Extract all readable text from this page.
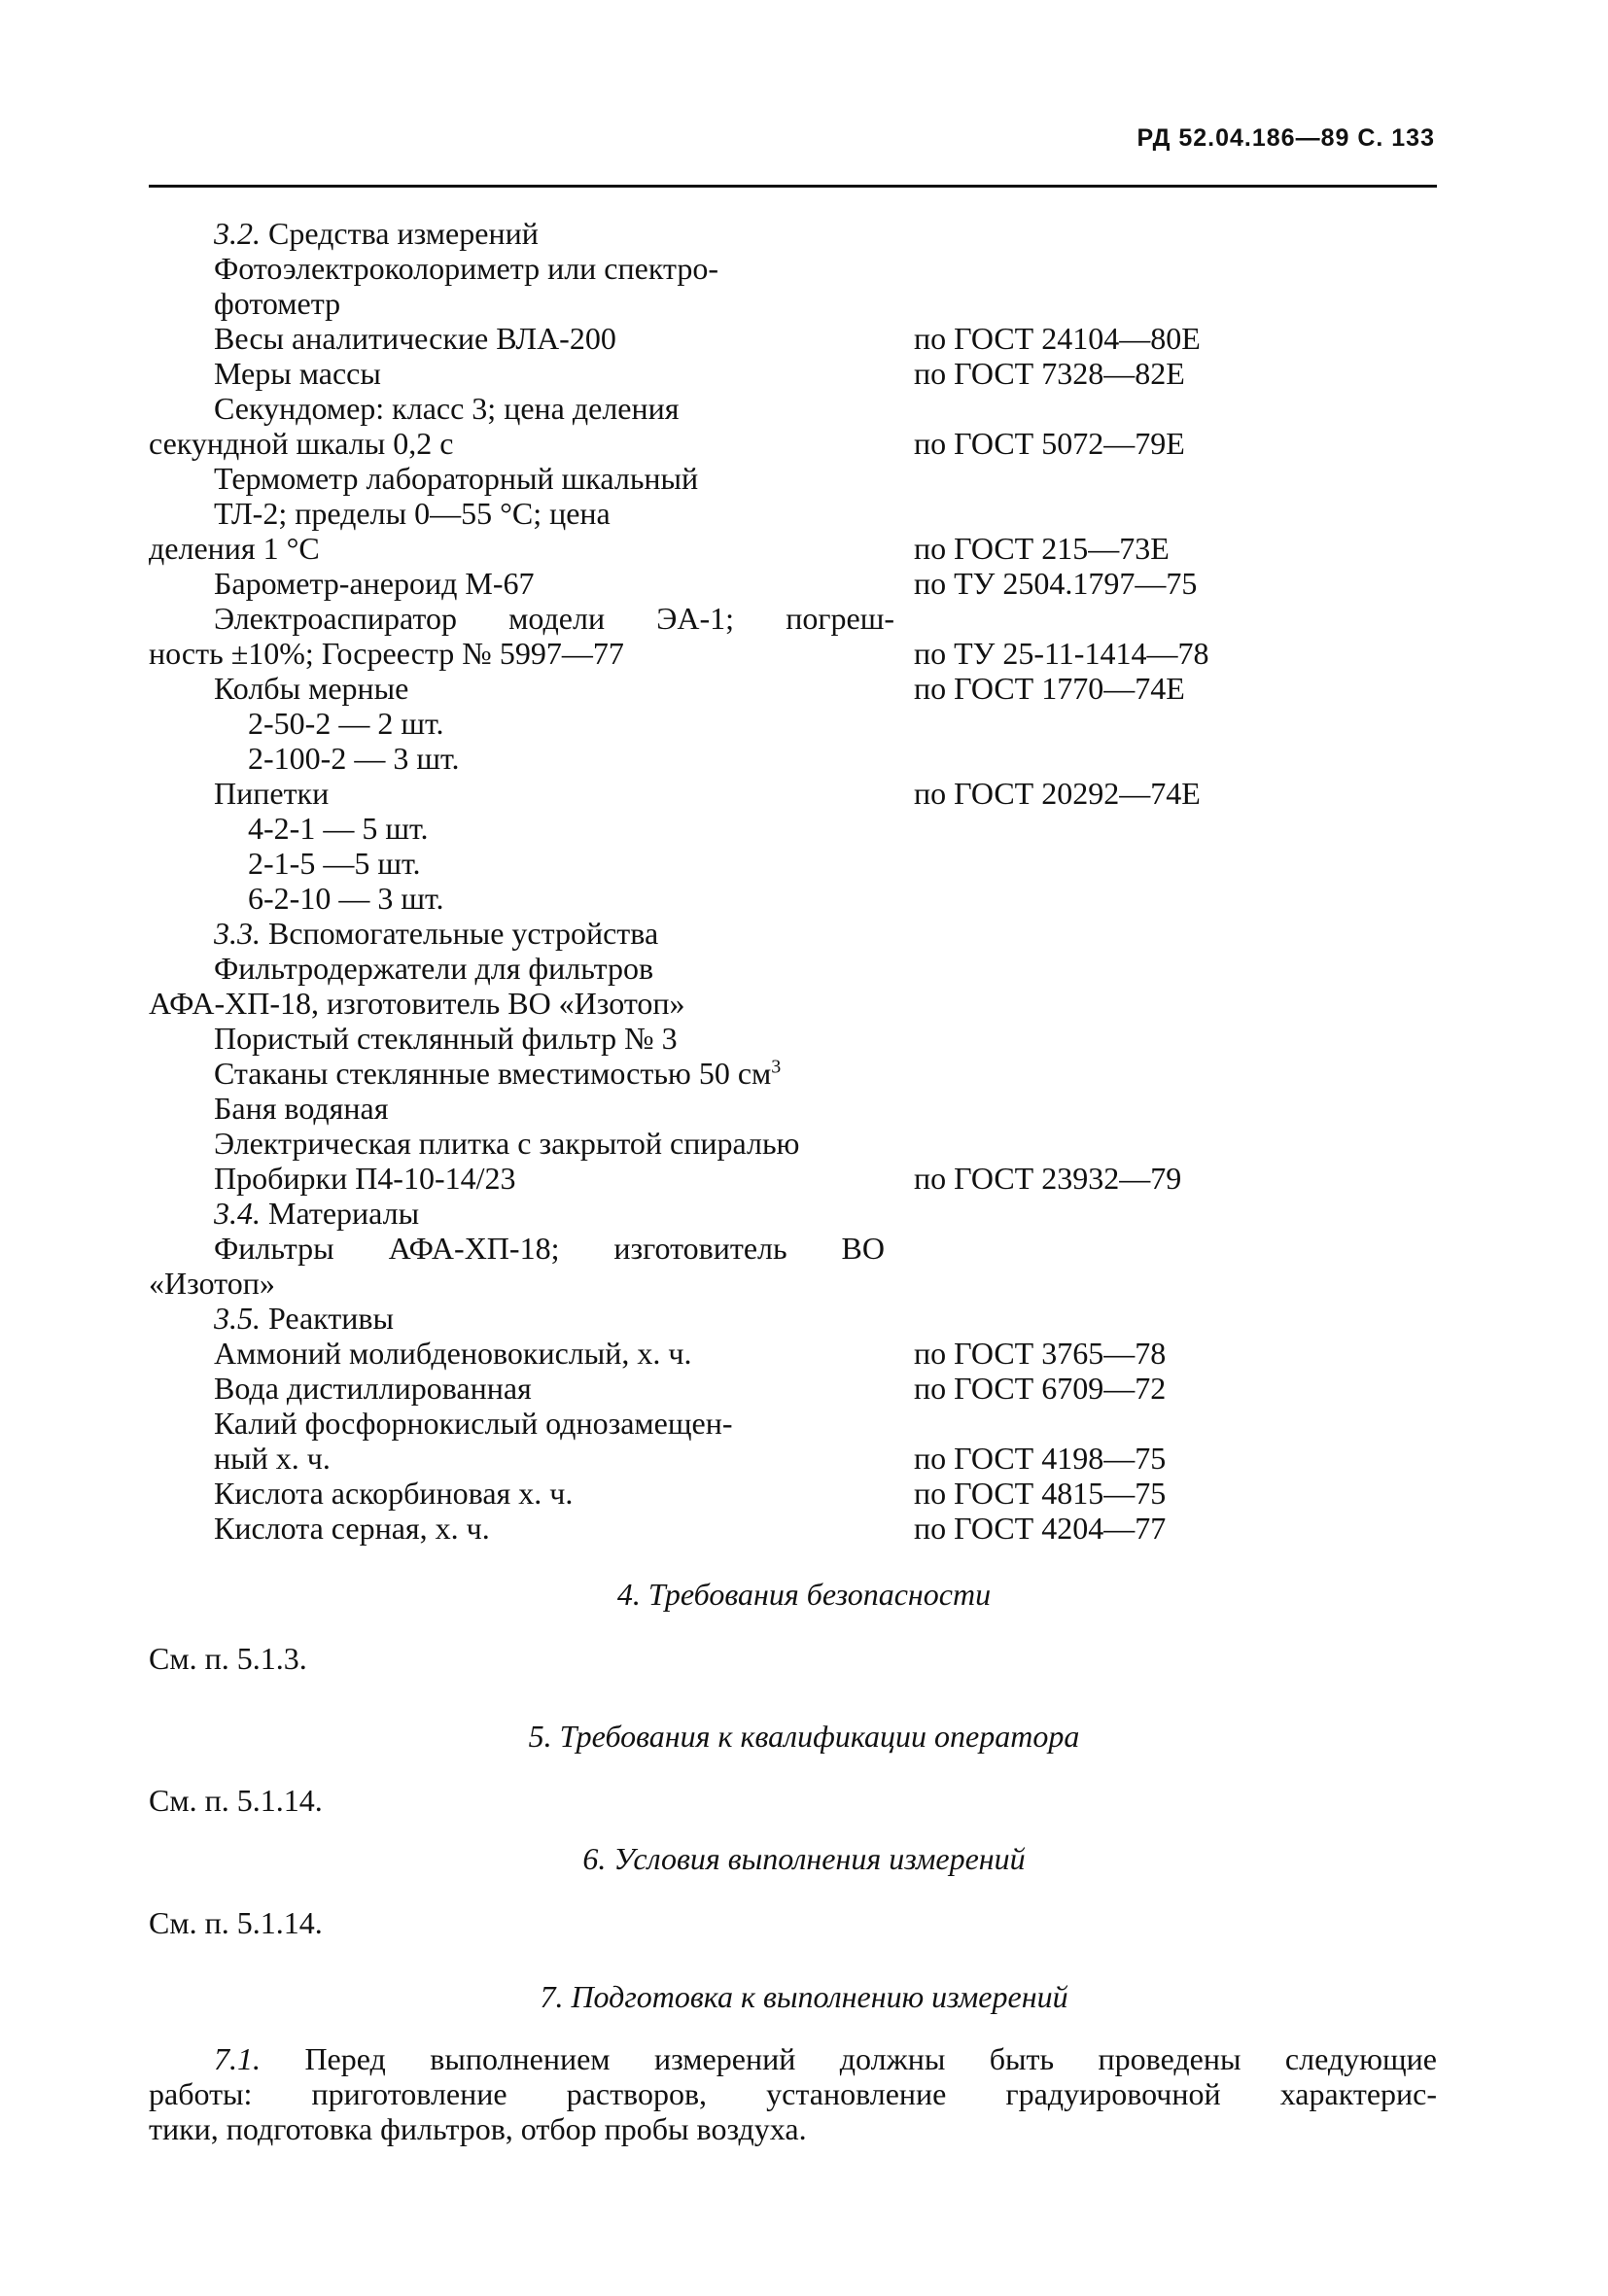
РД 52.04.186—89 С. 133
3.2. Средства измерений
Фотоэлектроколориметр или спектро-
фотометр
Весы аналитические ВЛА-200	по ГОСТ 24104—80Е
Меры массы	по ГОСТ 7328—82Е
Секундомер: класс 3; цена деления
секундной шкалы 0,2 с	по ГОСТ 5072—79Е
Термометр лабораторный шкальный
ТЛ-2; пределы 0—55 °С; цена
деления 1 °С	по ГОСТ 215—73Е
Барометр-анероид М-67	по ТУ 2504.1797—75
Электроаспиратор модели ЭА-1; погреш-
ность ±10%; Госреестр № 5997—77	по ТУ 25-11-1414—78
Колбы мерные	по ГОСТ 1770—74Е
2-50-2 — 2 шт.
2-100-2 — 3 шт.
Пипетки	по ГОСТ 20292—74Е
4-2-1 — 5 шт.
2-1-5 —5 шт.
6-2-10 — 3 шт.
3.3. Вспомогательные устройства
Фильтродержатели для фильтров
АФА-ХП-18, изготовитель ВО «Изотоп»
Пористый стеклянный фильтр № 3
Стаканы стеклянные вместимостью 50 $см^3$
Баня водяная
Электрическая плитка с закрытой спиралью
Пробирки П4-10-14/23	по ГОСТ 23932—79
3.4. Материалы
Фильтры АФА-ХП-18; изготовитель ВО
«Изотоп»
3.5. Реактивы
Аммоний молибденовокислый, х. ч.	по ГОСТ 3765—78
Вода дистиллированная	по ГОСТ 6709—72
Калий фосфорнокислый однозамещен-
ный х. ч.	по ГОСТ 4198—75
Кислота аскорбиновая х. ч.	по ГОСТ 4815—75
Кислота серная, х. ч.	по ГОСТ 4204—77
4. Требования безопасности
См. п. 5.1.3.
5. Требования к квалификации оператора
См. п. 5.1.14.
6. Условия выполнения измерений
См. п. 5.1.14.
7. Подготовка к выполнению измерений
7.1. Перед выполнением измерений должны быть проведены следующие
работы: приготовление растворов, установление градуировочной характерис-
тики, подготовка фильтров, отбор пробы воздуха.
